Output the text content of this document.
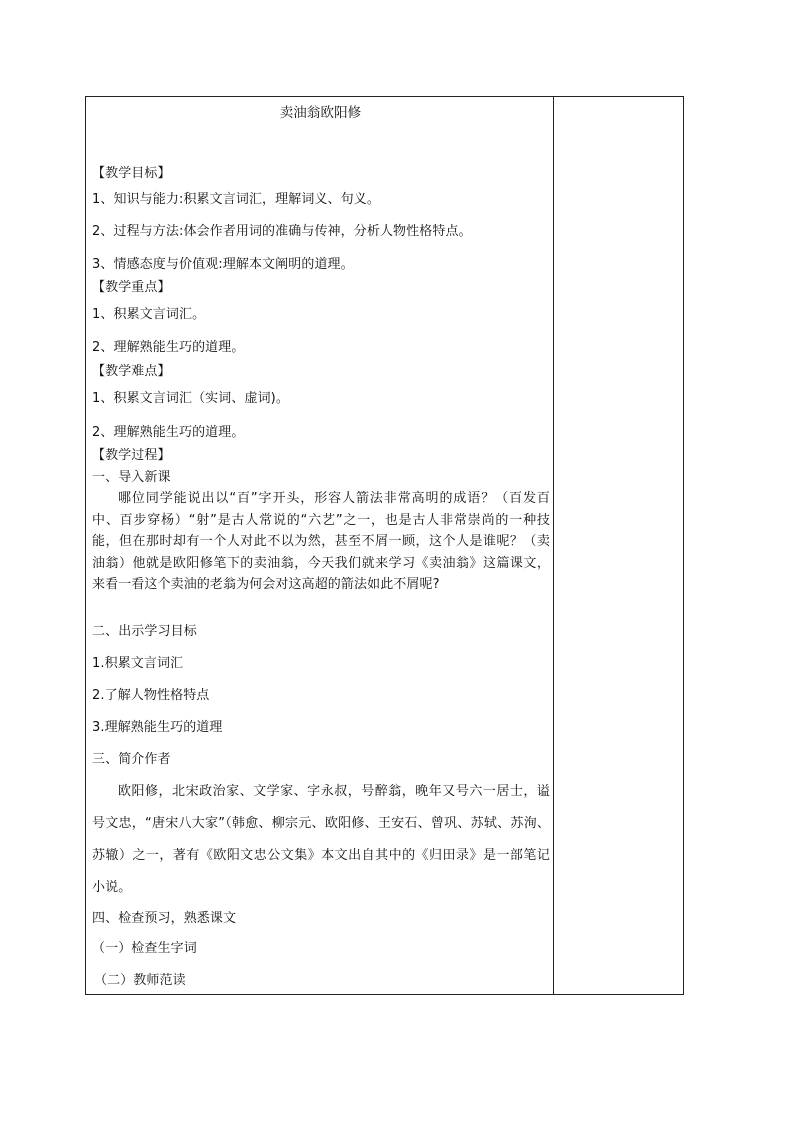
卖油翁欧阳修
【教学目标】
1、知识与能力:积累文言词汇，理解词义、句义。
2、过程与方法:体会作者用词的准确与传神，分析人物性格特点。
3、情感态度与价值观:理解本文阐明的道理。
【教学重点】
1、积累文言词汇。
2、理解熟能生巧的道理。
【教学难点】
1、积累文言词汇（实词、虚词)。
2、理解熟能生巧的道理。
【教学过程】
一、导入新课
哪位同学能说出以“百”字开头，形容人箭法非常高明的成语？（百发百中、百步穿杨）“射”是古人常说的“六艺”之一，也是古人非常崇尚的一种技能，但在那时却有一个人对此不以为然，甚至不屑一顾，这个人是谁呢？（卖油翁）他就是欧阳修笔下的卖油翁，今天我们就来学习《卖油翁》这篇课文，来看一看这个卖油的老翁为何会对这高超的箭法如此不屑呢?
二、出示学习目标
1.积累文言词汇
2.了解人物性格特点
3.理解熟能生巧的道理
三、简介作者
欧阳修，北宋政治家、文学家、字永叔，号醉翁，晚年又号六一居士，谥号文忠，“唐宋八大家”（韩愈、柳宗元、欧阳修、王安石、曾巩、苏轼、苏洵、苏辙）之一，著有《欧阳文忠公文集》本文出自其中的《归田录》是一部笔记小说。
四、检查预习，熟悉课文
（一）检查生字词
（二）教师范读
